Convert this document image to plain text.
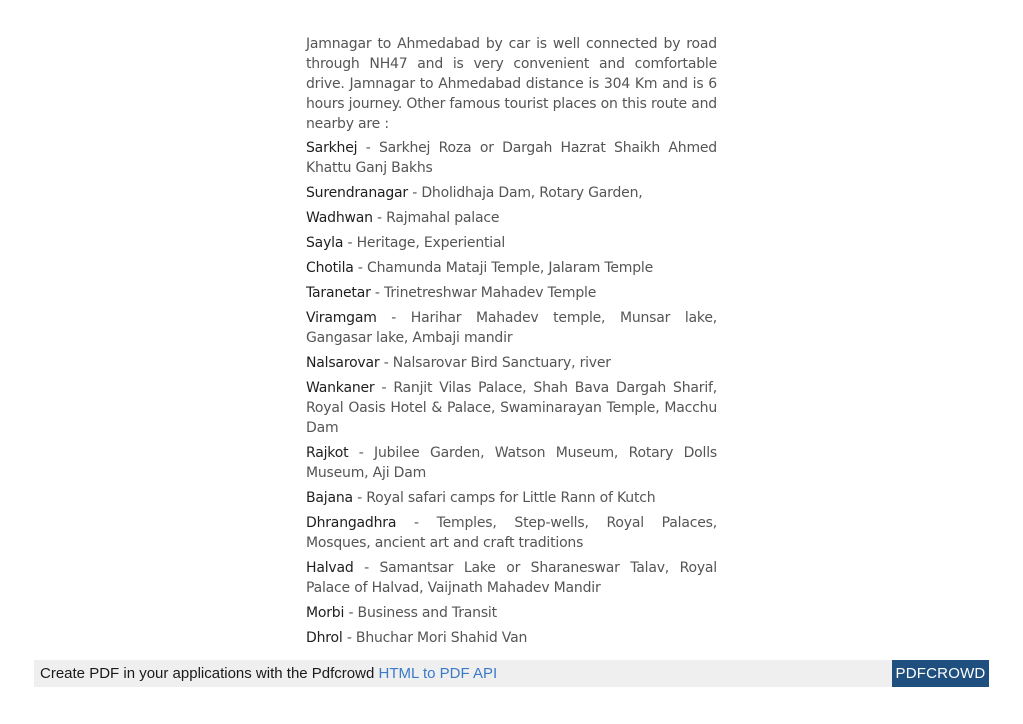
Jamnagar to Ahmedabad by car is well connected by road through NH47 and is very convenient and comfortable drive. Jamnagar to Ahmedabad distance is 304 Km and is 6 hours journey. Other famous tourist places on this route and nearby are :

Sarkhej - Sarkhej Roza or Dargah Hazrat Shaikh Ahmed Khattu Ganj Bakhs

Surendranagar - Dholidhaja Dam, Rotary Garden,

Wadhwan - Rajmahal palace

Sayla - Heritage, Experiential

Chotila - Chamunda Mataji Temple, Jalaram Temple

Taranetar - Trinetreshwar Mahadev Temple

Viramgam - Harihar Mahadev temple, Munsar lake, Gangasar lake, Ambaji mandir

Nalsarovar - Nalsarovar Bird Sanctuary, river

Wankaner - Ranjit Vilas Palace, Shah Bava Dargah Sharif, Royal Oasis Hotel & Palace, Swaminarayan Temple, Macchu Dam

Rajkot - Jubilee Garden, Watson Museum, Rotary Dolls Museum, Aji Dam

Bajana - Royal safari camps for Little Rann of Kutch

Dhrangadhra - Temples, Step-wells, Royal Palaces, Mosques, ancient art and craft traditions

Halvad - Samantsar Lake or Sharaneswar Talav, Royal Palace of Halvad, Vaijnath Mahadev Mandir

Morbi - Business and Transit

Dhrol - Bhuchar Mori Shahid Van

Create PDF in your applications with the Pdfcrowd HTML to PDF API	PDFCROWD
